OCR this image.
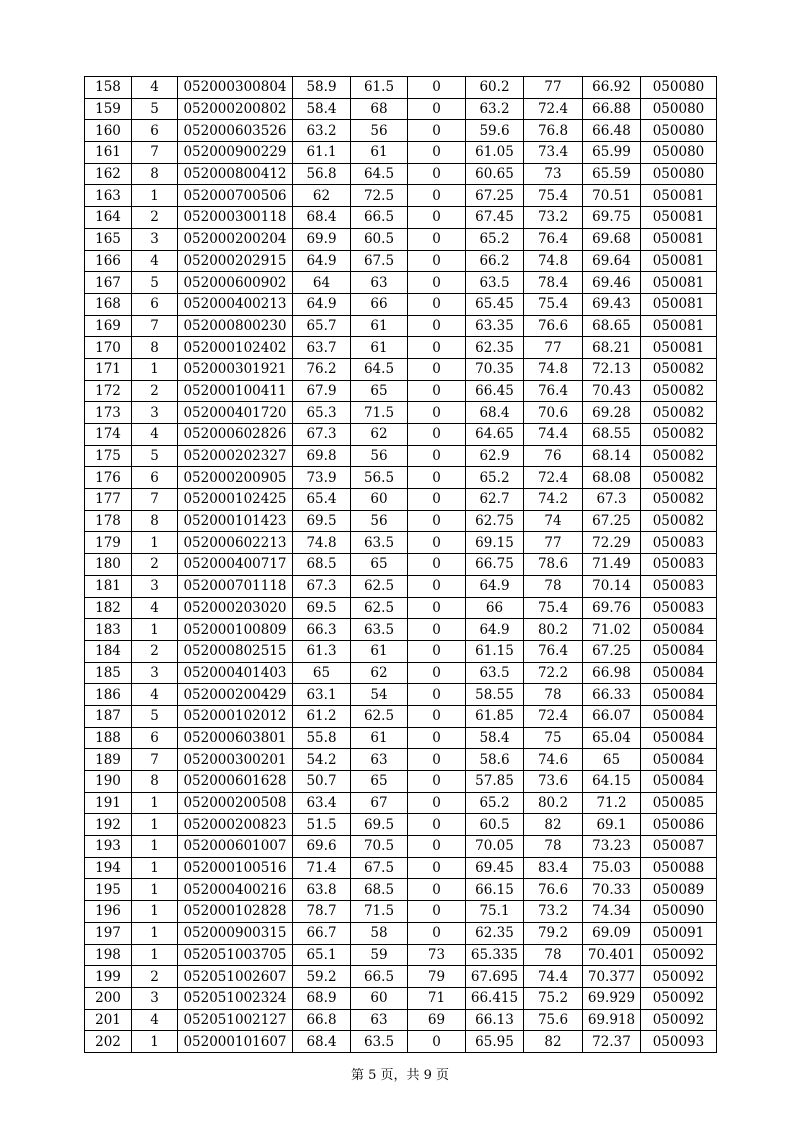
158	4	052000300804	58.9	61.5	0	60.2	77	66.92	050080
159	5	052000200802	58.4	68	0	63.2	72.4	66.88	050080
160	6	052000603526	63.2	56	0	59.6	76.8	66.48	050080
161	7	052000900229	61.1	61	0	61.05	73.4	65.99	050080
162	8	052000800412	56.8	64.5	0	60.65	73	65.59	050080
163	1	052000700506	62	72.5	0	67.25	75.4	70.51	050081
164	2	052000300118	68.4	66.5	0	67.45	73.2	69.75	050081
165	3	052000200204	69.9	60.5	0	65.2	76.4	69.68	050081
166	4	052000202915	64.9	67.5	0	66.2	74.8	69.64	050081
167	5	052000600902	64	63	0	63.5	78.4	69.46	050081
168	6	052000400213	64.9	66	0	65.45	75.4	69.43	050081
169	7	052000800230	65.7	61	0	63.35	76.6	68.65	050081
170	8	052000102402	63.7	61	0	62.35	77	68.21	050081
171	1	052000301921	76.2	64.5	0	70.35	74.8	72.13	050082
172	2	052000100411	67.9	65	0	66.45	76.4	70.43	050082
173	3	052000401720	65.3	71.5	0	68.4	70.6	69.28	050082
174	4	052000602826	67.3	62	0	64.65	74.4	68.55	050082
175	5	052000202327	69.8	56	0	62.9	76	68.14	050082
176	6	052000200905	73.9	56.5	0	65.2	72.4	68.08	050082
177	7	052000102425	65.4	60	0	62.7	74.2	67.3	050082
178	8	052000101423	69.5	56	0	62.75	74	67.25	050082
179	1	052000602213	74.8	63.5	0	69.15	77	72.29	050083
180	2	052000400717	68.5	65	0	66.75	78.6	71.49	050083
181	3	052000701118	67.3	62.5	0	64.9	78	70.14	050083
182	4	052000203020	69.5	62.5	0	66	75.4	69.76	050083
183	1	052000100809	66.3	63.5	0	64.9	80.2	71.02	050084
184	2	052000802515	61.3	61	0	61.15	76.4	67.25	050084
185	3	052000401403	65	62	0	63.5	72.2	66.98	050084
186	4	052000200429	63.1	54	0	58.55	78	66.33	050084
187	5	052000102012	61.2	62.5	0	61.85	72.4	66.07	050084
188	6	052000603801	55.8	61	0	58.4	75	65.04	050084
189	7	052000300201	54.2	63	0	58.6	74.6	65	050084
190	8	052000601628	50.7	65	0	57.85	73.6	64.15	050084
191	1	052000200508	63.4	67	0	65.2	80.2	71.2	050085
192	1	052000200823	51.5	69.5	0	60.5	82	69.1	050086
193	1	052000601007	69.6	70.5	0	70.05	78	73.23	050087
194	1	052000100516	71.4	67.5	0	69.45	83.4	75.03	050088
195	1	052000400216	63.8	68.5	0	66.15	76.6	70.33	050089
196	1	052000102828	78.7	71.5	0	75.1	73.2	74.34	050090
197	1	052000900315	66.7	58	0	62.35	79.2	69.09	050091
198	1	052051003705	65.1	59	73	65.335	78	70.401	050092
199	2	052051002607	59.2	66.5	79	67.695	74.4	70.377	050092
200	3	052051002324	68.9	60	71	66.415	75.2	69.929	050092
201	4	052051002127	66.8	63	69	66.13	75.6	69.918	050092
202	1	052000101607	68.4	63.5	0	65.95	82	72.37	050093
第 5 页，共 9 页
